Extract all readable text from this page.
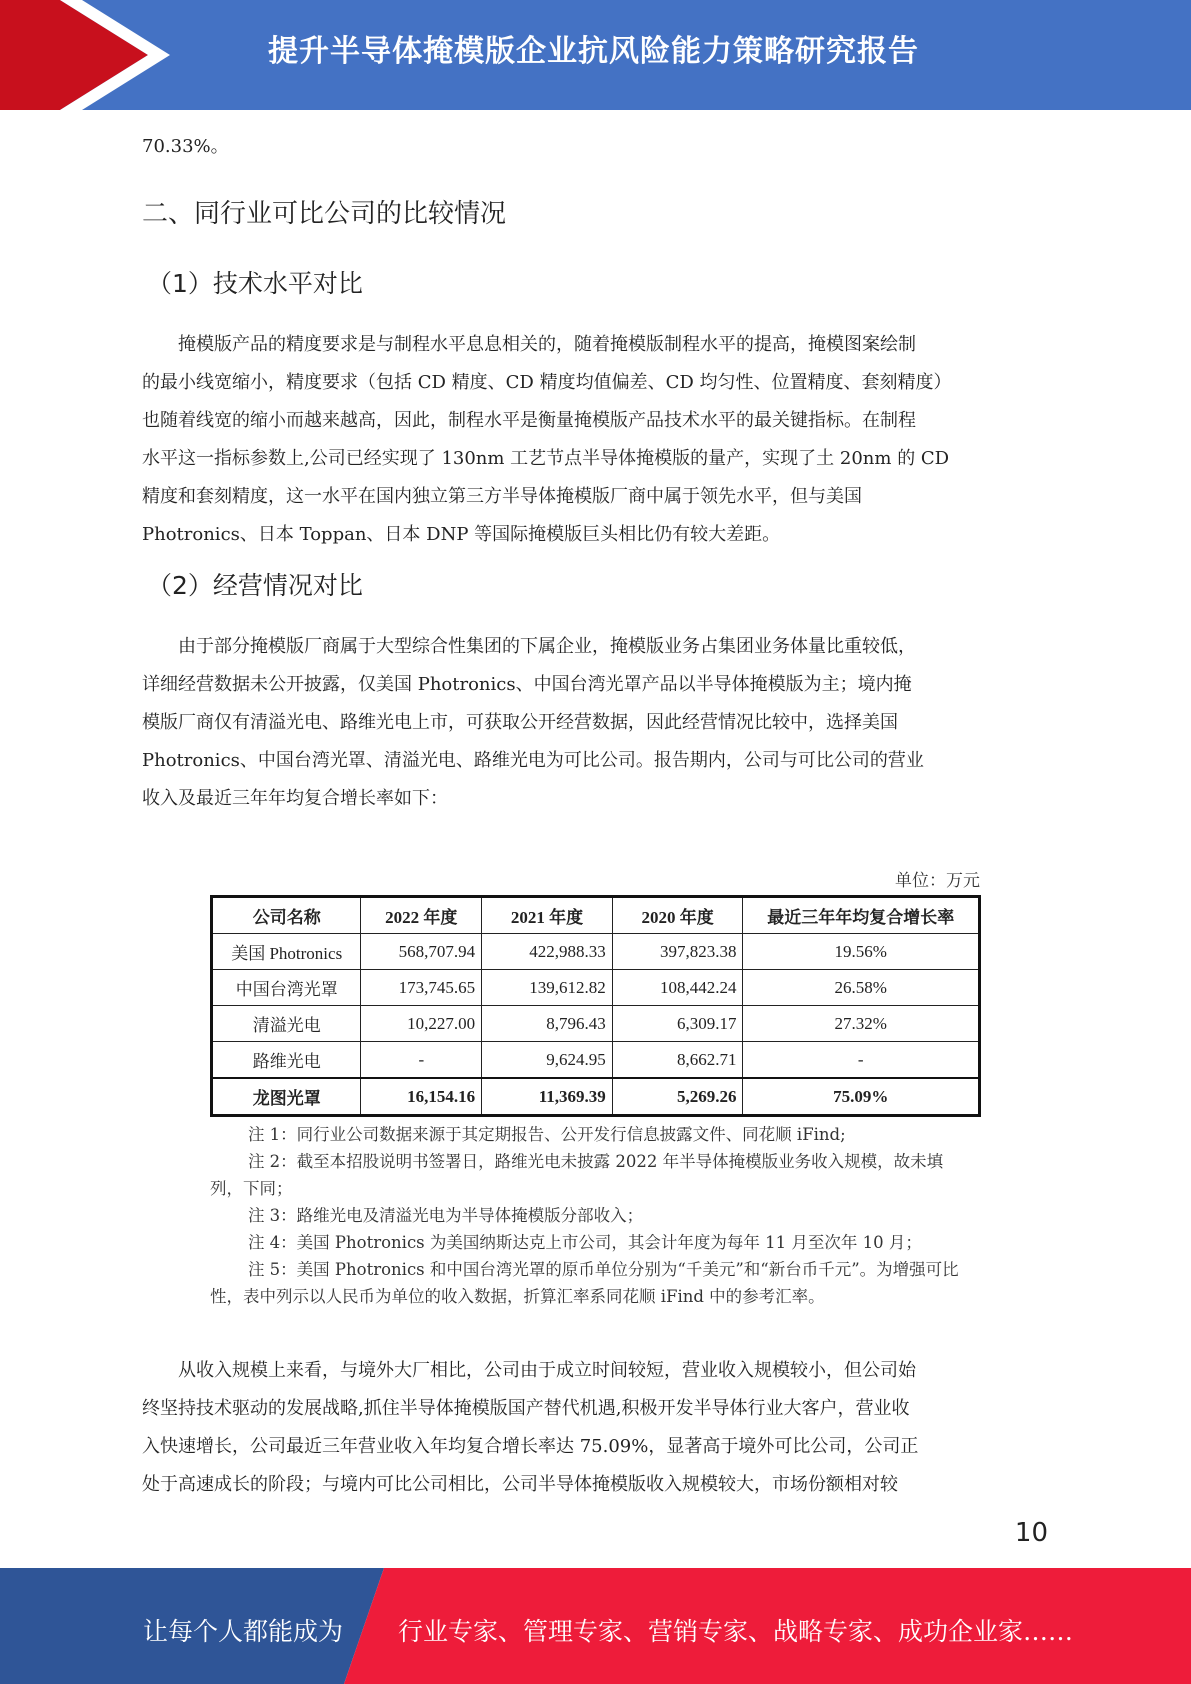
提升半导体掩模版企业抗风险能力策略研究报告
70.33%。
二、同行业可比公司的比较情况
（1）技术水平对比
掩模版产品的精度要求是与制程水平息息相关的，随着掩模版制程水平的提高，掩模图案绘制
的最小线宽缩小，精度要求（包括 CD 精度、CD 精度均值偏差、CD 均匀性、位置精度、套刻精度）
也随着线宽的缩小而越来越高，因此，制程水平是衡量掩模版产品技术水平的最关键指标。在制程
水平这一指标参数上,公司已经实现了 130nm 工艺节点半导体掩模版的量产，实现了土 20nm 的 CD
精度和套刻精度，这一水平在国内独立第三方半导体掩模版厂商中属于领先水平，但与美国
Photronics、日本 Toppan、日本 DNP 等国际掩模版巨头相比仍有较大差距。
（2）经营情况对比
由于部分掩模版厂商属于大型综合性集团的下属企业，掩模版业务占集团业务体量比重较低，
详细经营数据未公开披露，仅美国 Photronics、中国台湾光罩产品以半导体掩模版为主；境内掩
模版厂商仅有清溢光电、路维光电上市，可获取公开经营数据，因此经营情况比较中，选择美国
Photronics、中国台湾光罩、清溢光电、路维光电为可比公司。报告期内，公司与可比公司的营业
收入及最近三年年均复合增长率如下：
单位：万元
公司名称	2022 年度	2021 年度	2020 年度	最近三年年均复合增长率
美国 Photronics	568,707.94	422,988.33	397,823.38	19.56%
中国台湾光罩	173,745.65	139,612.82	108,442.24	26.58%
清溢光电	10,227.00	8,796.43	6,309.17	27.32%
路维光电	-	9,624.95	8,662.71	-
龙图光罩	16,154.16	11,369.39	5,269.26	75.09%
注 1：同行业公司数据来源于其定期报告、公开发行信息披露文件、同花顺 iFind;
注 2：截至本招股说明书签署日，路维光电未披露 2022 年半导体掩模版业务收入规模，故未填列，下同；
注 3：路维光电及清溢光电为半导体掩模版分部收入；
注 4：美国 Photronics 为美国纳斯达克上市公司，其会计年度为每年 11 月至次年 10 月；
注 5：美国 Photronics 和中国台湾光罩的原币单位分别为“千美元”和“新台币千元”。为增强可比性，表中列示以人民币为单位的收入数据，折算汇率系同花顺 iFind 中的参考汇率。
从收入规模上来看，与境外大厂相比，公司由于成立时间较短，营业收入规模较小，但公司始
终坚持技术驱动的发展战略,抓住半导体掩模版国产替代机遇,积极开发半导体行业大客户，营业收
入快速增长，公司最近三年营业收入年均复合增长率达 75.09%，显著高于境外可比公司，公司正
处于高速成长的阶段；与境内可比公司相比，公司半导体掩模版收入规模较大，市场份额相对较
10
让每个人都能成为 行业专家、管理专家、营销专家、战略专家、成功企业家……
